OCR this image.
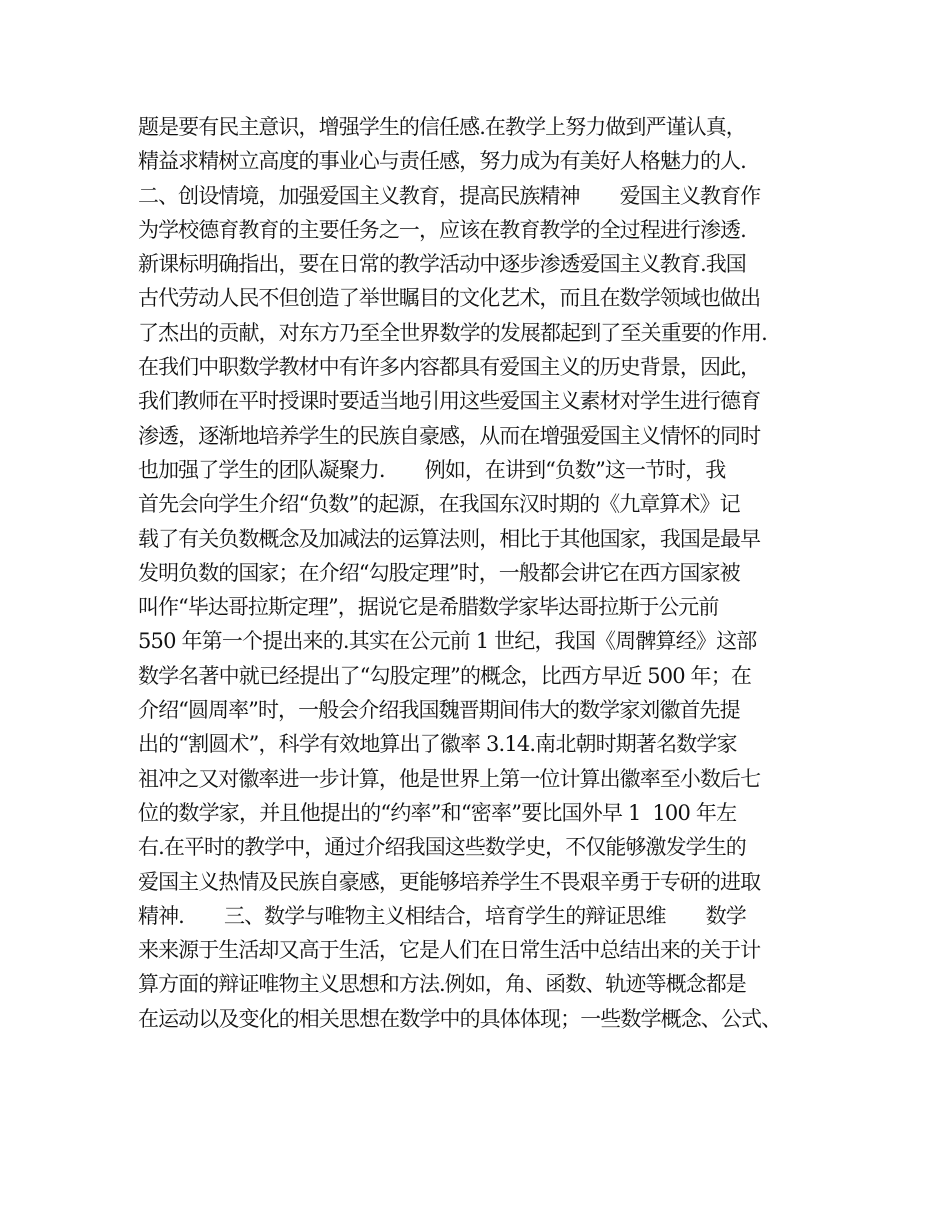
题是要有民主意识，增强学生的信任感.在教学上努力做到严谨认真，
精益求精树立高度的事业心与责任感，努力成为有美好人格魅力的人.
二、创设情境，加强爱国主义教育，提高民族精神　　爱国主义教育作
为学校德育教育的主要任务之一，应该在教育教学的全过程进行渗透.
新课标明确指出，要在日常的教学活动中逐步渗透爱国主义教育.我国
古代劳动人民不但创造了举世瞩目的文化艺术，而且在数学领域也做出
了杰出的贡献，对东方乃至全世界数学的发展都起到了至关重要的作用.
在我们中职数学教材中有许多内容都具有爱国主义的历史背景，因此，
我们教师在平时授课时要适当地引用这些爱国主义素材对学生进行德育
渗透，逐渐地培养学生的民族自豪感，从而在增强爱国主义情怀的同时
也加强了学生的团队凝聚力.　　例如，在讲到“负数”这一节时，我
首先会向学生介绍“负数”的起源，在我国东汉时期的《九章算术》记
载了有关负数概念及加减法的运算法则，相比于其他国家，我国是最早
发明负数的国家；在介绍“勾股定理”时，一般都会讲它在西方国家被
叫作“毕达哥拉斯定理”，据说它是希腊数学家毕达哥拉斯于公元前
550 年第一个提出来的.其实在公元前 1 世纪，我国《周髀算经》这部
数学名著中就已经提出了“勾股定理”的概念，比西方早近 500 年；在
介绍“圆周率”时，一般会介绍我国魏晋期间伟大的数学家刘徽首先提
出的“割圆术”，科学有效地算出了徽率 3.14.南北朝时期著名数学家
祖冲之又对徽率进一步计算，他是世界上第一位计算出徽率至小数后七
位的数学家，并且他提出的“约率”和“密率”要比国外早 1  100 年左
右.在平时的教学中，通过介绍我国这些数学史，不仅能够激发学生的
爱国主义热情及民族自豪感，更能够培养学生不畏艰辛勇于专研的进取
精神.　　三、数学与唯物主义相结合，培育学生的辩证思维　　数学
来来源于生活却又高于生活，它是人们在日常生活中总结出来的关于计
算方面的辩证唯物主义思想和方法.例如，角、函数、轨迹等概念都是
在运动以及变化的相关思想在数学中的具体体现；一些数学概念、公式、
